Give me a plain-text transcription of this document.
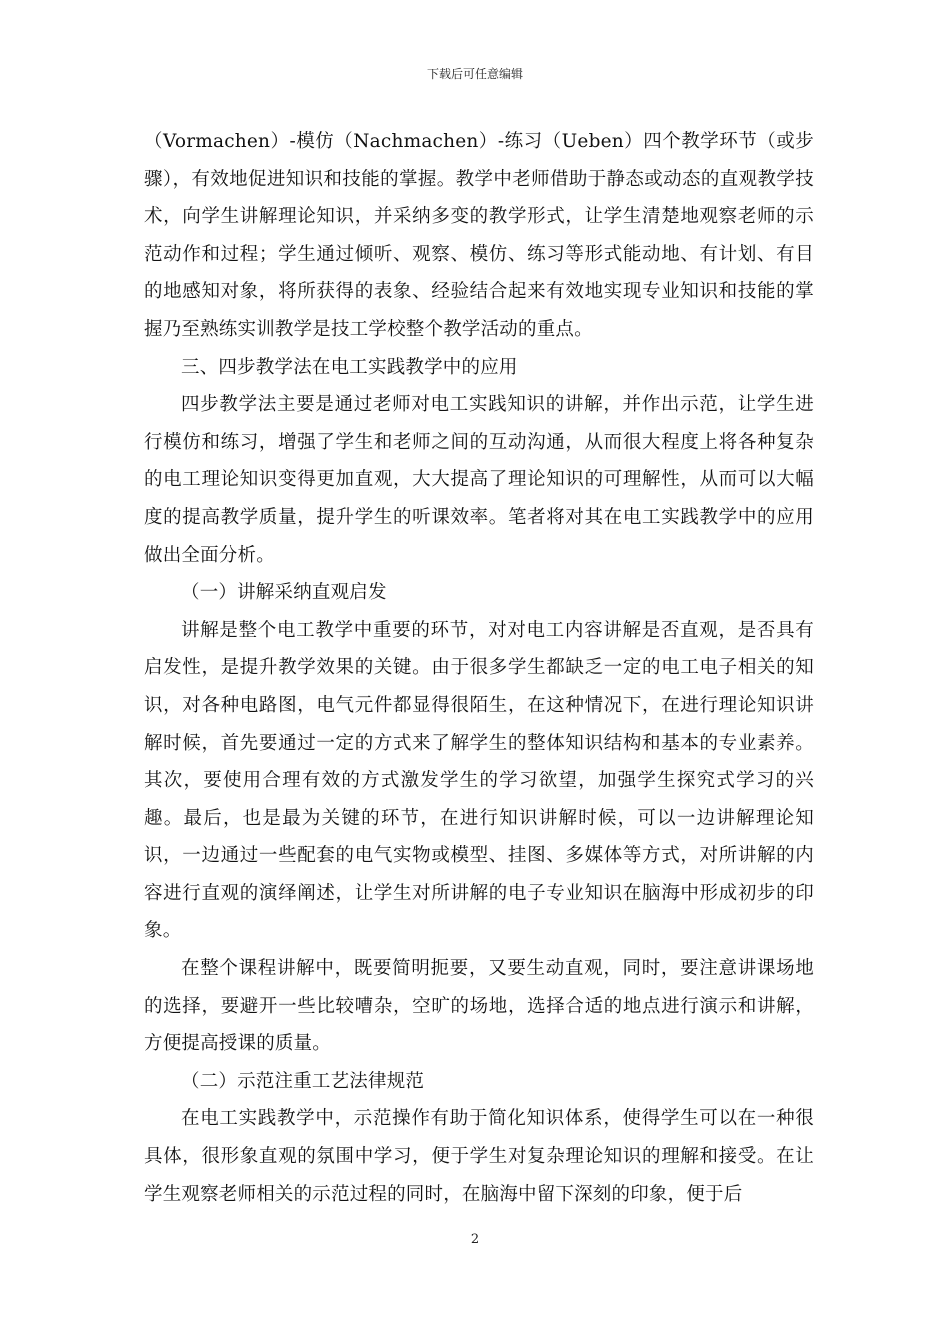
下载后可任意编辑

（Vormachen）-模仿（Nachmachen）-练习（Ueben）四个教学环节（或步骤），有效地促进知识和技能的掌握。教学中老师借助于静态或动态的直观教学技术，向学生讲解理论知识，并采纳多变的教学形式，让学生清楚地观察老师的示范动作和过程；学生通过倾听、观察、模仿、练习等形式能动地、有计划、有目的地感知对象，将所获得的表象、经验结合起来有效地实现专业知识和技能的掌握乃至熟练实训教学是技工学校整个教学活动的重点。

三、四步教学法在电工实践教学中的应用

四步教学法主要是通过老师对电工实践知识的讲解，并作出示范，让学生进行模仿和练习，增强了学生和老师之间的互动沟通，从而很大程度上将各种复杂的电工理论知识变得更加直观，大大提高了理论知识的可理解性，从而可以大幅度的提高教学质量，提升学生的听课效率。笔者将对其在电工实践教学中的应用做出全面分析。

（一）讲解采纳直观启发

讲解是整个电工教学中重要的环节，对对电工内容讲解是否直观，是否具有启发性，是提升教学效果的关键。由于很多学生都缺乏一定的电工电子相关的知识，对各种电路图，电气元件都显得很陌生，在这种情况下，在进行理论知识讲解时候，首先要通过一定的方式来了解学生的整体知识结构和基本的专业素养。其次，要使用合理有效的方式激发学生的学习欲望，加强学生探究式学习的兴趣。最后，也是最为关键的环节，在进行知识讲解时候，可以一边讲解理论知识，一边通过一些配套的电气实物或模型、挂图、多媒体等方式，对所讲解的内容进行直观的演绎阐述，让学生对所讲解的电子专业知识在脑海中形成初步的印象。

在整个课程讲解中，既要简明扼要，又要生动直观，同时，要注意讲课场地的选择，要避开一些比较嘈杂，空旷的场地，选择合适的地点进行演示和讲解，方便提高授课的质量。

（二）示范注重工艺法律规范

在电工实践教学中，示范操作有助于简化知识体系，使得学生可以在一种很具体，很形象直观的氛围中学习，便于学生对复杂理论知识的理解和接受。在让学生观察老师相关的示范过程的同时，在脑海中留下深刻的印象，便于后

2
